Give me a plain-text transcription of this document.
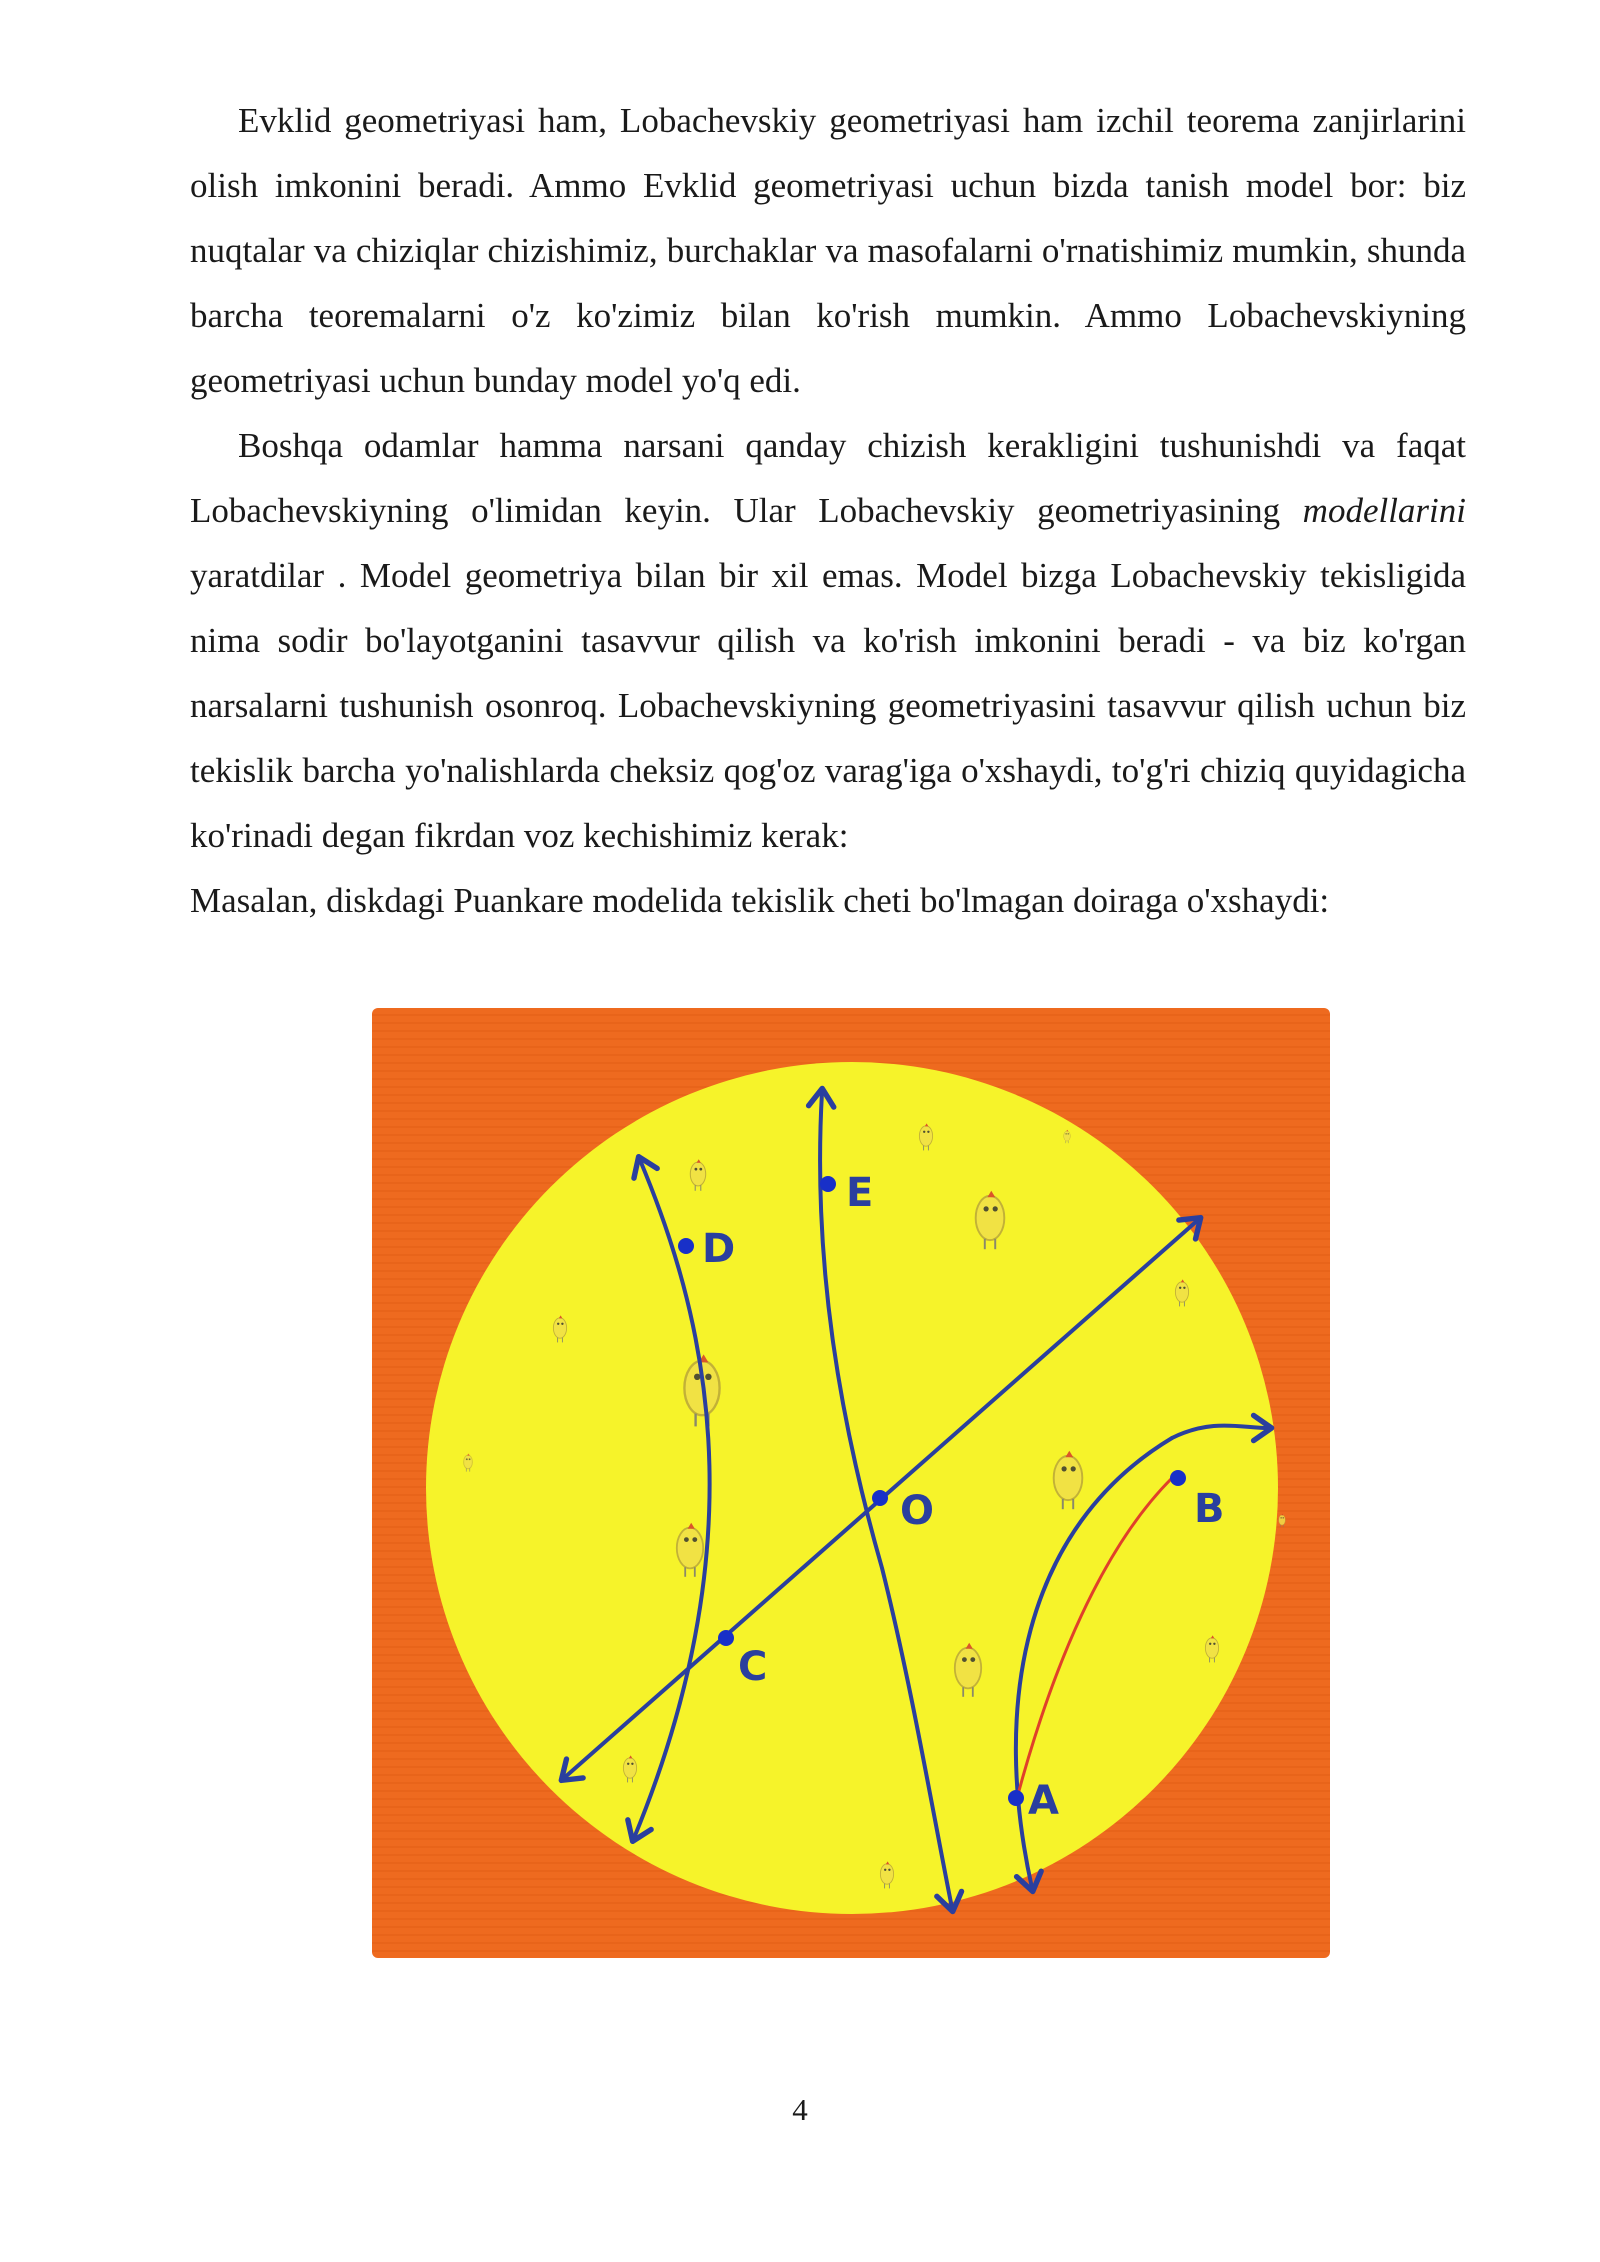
Evklid geometriyasi ham, Lobachevskiy geometriyasi ham izchil teorema zanjirlarini olish imkonini beradi. Ammo Evklid geometriyasi uchun bizda tanish model bor: biz nuqtalar va chiziqlar chizishimiz, burchaklar va masofalarni o'rnatishimiz mumkin, shunda barcha teoremalarni o'z ko'zimiz bilan ko'rish mumkin. Ammo Lobachevskiyning geometriyasi uchun bunday model yo'q edi.

Boshqa odamlar hamma narsani qanday chizish kerakligini tushunishdi va faqat Lobachevskiyning o'limidan keyin. Ular Lobachevskiy geometriyasining modellarini yaratdilar . Model geometriya bilan bir xil emas. Model bizga Lobachevskiy tekisligida nima sodir bo'layotganini tasavvur qilish va ko'rish imkonini beradi - va biz ko'rgan narsalarni tushunish osonroq. Lobachevskiyning geometriyasini tasavvur qilish uchun biz tekislik barcha yo'nalishlarda cheksiz qog'oz varag'iga o'xshaydi, to'g'ri chiziq quyidagicha ko'rinadi degan fikrdan voz kechishimiz kerak:

Masalan, diskdagi Puankare modelida tekislik cheti bo'lmagan doiraga o'xshaydi:

D
E
O	B
C
A
4
